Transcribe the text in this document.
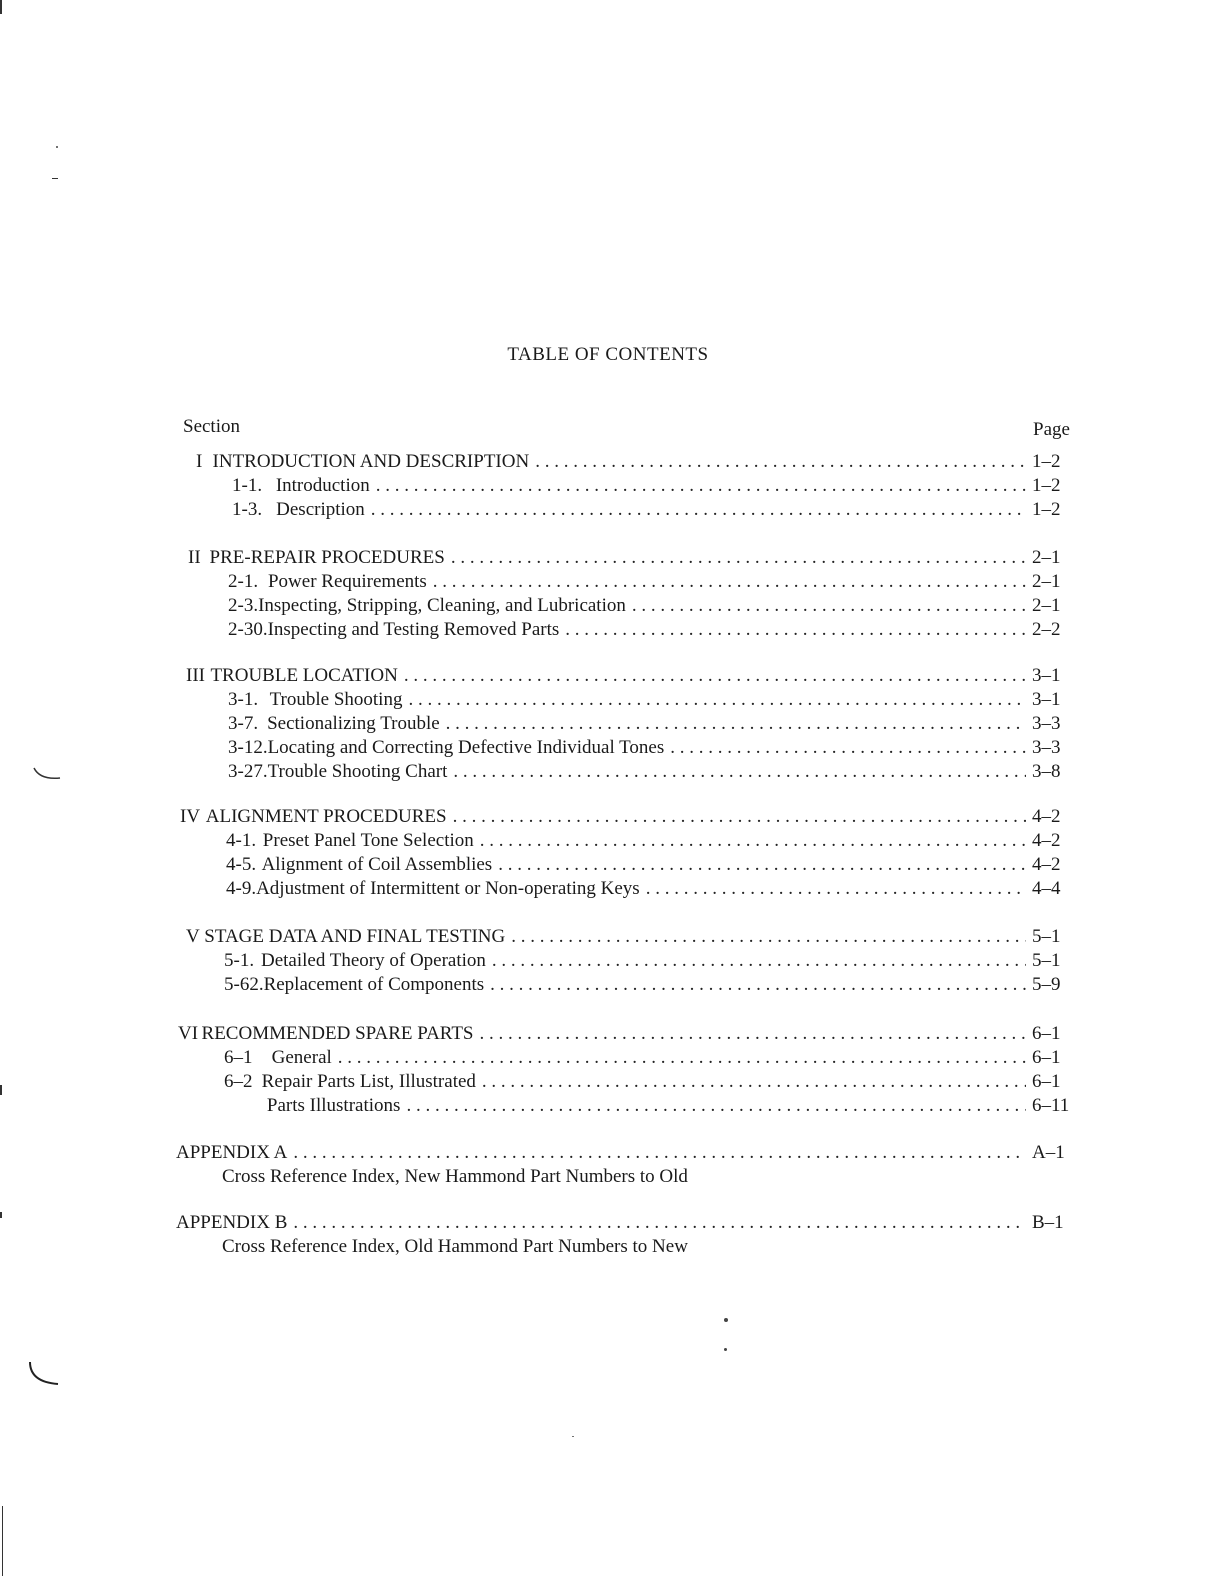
TABLE OF CONTENTS
Section	Page
I INTRODUCTION AND DESCRIPTION . . .	1–2
1-1. Introduction . . .	1–2
1-3. Description . . .	1–2
II PRE-REPAIR PROCEDURES . . .	2–1
2-1. Power Requirements . . .	2–1
2-3. Inspecting, Stripping, Cleaning, and Lubrication . . .	2–1
2-30. Inspecting and Testing Removed Parts . . .	2–2
III TROUBLE LOCATION . . .	3–1
3-1. Trouble Shooting . . .	3–1
3-7. Sectionalizing Trouble . . .	3–3
3-12. Locating and Correcting Defective Individual Tones . . .	3–3
3-27. Trouble Shooting Chart . . .	3–8
IV ALIGNMENT PROCEDURES . . .	4–2
4-1. Preset Panel Tone Selection . . .	4–2
4-5. Alignment of Coil Assemblies . . .	4–2
4-9. Adjustment of Intermittent or Non-operating Keys . . .	4–4
V STAGE DATA AND FINAL TESTING . . .	5–1
5-1. Detailed Theory of Operation . . .	5–1
5-62. Replacement of Components . . .	5–9
VI RECOMMENDED SPARE PARTS . . .	6–1
6–1	General . . .	6–1
6–2 Repair Parts List, Illustrated . . .	6–1
Parts Illustrations . . .	6–11
APPENDIX A . . .	A–1
Cross Reference Index, New Hammond Part Numbers to Old
APPENDIX B . . .	B–1
Cross Reference Index, Old Hammond Part Numbers to New
